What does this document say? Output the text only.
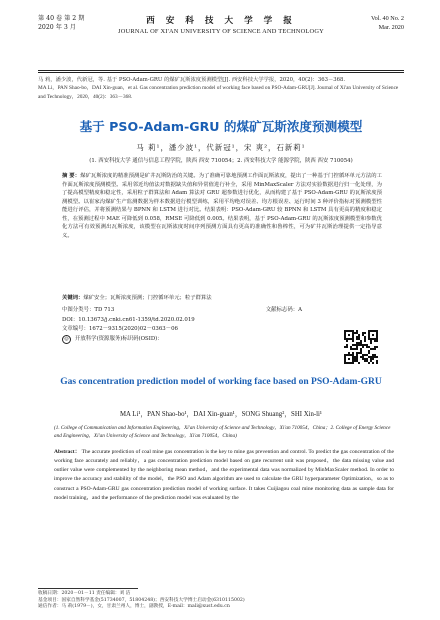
第 40 卷 第 2 期
2020 年 3 月
西 安 科 技 大 学 学 报
JOURNAL OF XI'AN UNIVERSITY OF SCIENCE AND TECHNOLOGY
Vol. 40 No. 2
Mar. 2020
马 莉，潘少波，代新冠，等. 基于 PSO-Adam-GRU 的煤矿瓦斯浓度预测模型[J]. 西安科技大学学报，2020，40(2)：363－368.
MA Li，PAN Shao-bo，DAI Xin-guan，et al. Gas concentration prediction model of working face based on PSO-Adam-GRU[J]. Journal of Xi'an University of Science and Technology，2020，40(2)：363－368.
基于 PSO-Adam-GRU 的煤矿瓦斯浓度预测模型
马 莉¹，潘少波¹，代新冠¹，宋 爽²，石新莉¹
(1. 西安科技大学 通信与信息工程学院，陕西 西安 710054；2. 西安科技大学 能源学院，陕西 西安 710054)
摘 要：煤矿瓦斯浓度的精准预测是矿井瓦斯防治的关键。为了准确可靠地预测工作面瓦斯浓度，提出了一种基于门控循环单元方法的工作面瓦斯浓度预测模型。采用邻近均值法对数据缺失值和异常值进行补全，采用 MinMaxScaler 方法对实验数据进行归一化处理，为了提高模型精度和稳定性，采用粒子群算法和 Adam 算法对 GRU 超参数进行优化，从而构建了基于 PSO-Adam-GRU 的瓦斯浓度预测模型。以崔家沟煤矿生产监测数据为样本数据进行模型训练，采用平均绝对误差、均方根误差、运行时间 3 种评价指标对预测模型性能进行评估，并将预测结果与 BPNN 和 LSTM 进行对比。结果表明：PSO-Adam-GRU 较 BPNN 和 LSTM 具有更高的精度和稳定性，在预测过程中 MAE 可降低到 0.058，RMSE 可降低到 0.005。结果表明，基于 PSO-Adam-GRU 的瓦斯浓度预测模型和参数优化方法可有效预测出瓦斯浓度，该模型在瓦斯浓度时间序列预测方面具有更高的准确性和鲁棒性，可为矿井瓦斯治理提供一定指导意义。
关键词：煤矿安全；瓦斯浓度预测；门控循环单元；粒子群算法
中图分类号：TD 713	文献标志码：A
DOI：10.13673/j.cnki.cn61-1359/td.2020.02.019
文章编号：1672－9315(2020)02－0363－06
◎	开放科学(资源服务)标识码(OSID)：
Gas concentration prediction model of working face based on PSO-Adam-GRU
MA Li¹，PAN Shao-bo¹，DAI Xin-guan¹，SONG Shuang²，SHI Xin-li¹
(1. College of Communication and Information Engineering，Xi'an University of Science and Technology，Xi'an 710054，China；2. College of Energy Science and Engineering，Xi'an University of Science and Technology，Xi'an 710054，China)
Abstract： The accurate prediction of coal mine gas concentration is the key to mine gas prevention and control. To predict the gas concentration of the working face accurately and reliably，a gas concentration prediction model based on gate recurrent unit was proposed，the data missing value and outlier value were complemented by the neighboring mean method，and the experimental data was normalized by MinMaxScaler method. In order to improve the accuracy and stability of the model，the PSO and Adam algorithm are used to calculate the GRU hyperparameter Optimization，so as to construct a PSO-Adam-GRU gas concentration prediction model of working surface. It takes Cuijiagou coal mine monitoring data as sample data for model training，and the performance of the prediction model was evaluated by the
收稿日期：2020－01－11 责任编辑：刘 洁
基金项目：国家自然科学基金(51734007，51804248)；西安科技大学博士启动金(6310115002)
通信作者：马 莉(1979－)，女，甘肃兰州人，博士，副教授，E-mail：mali@xust.edu.cn
